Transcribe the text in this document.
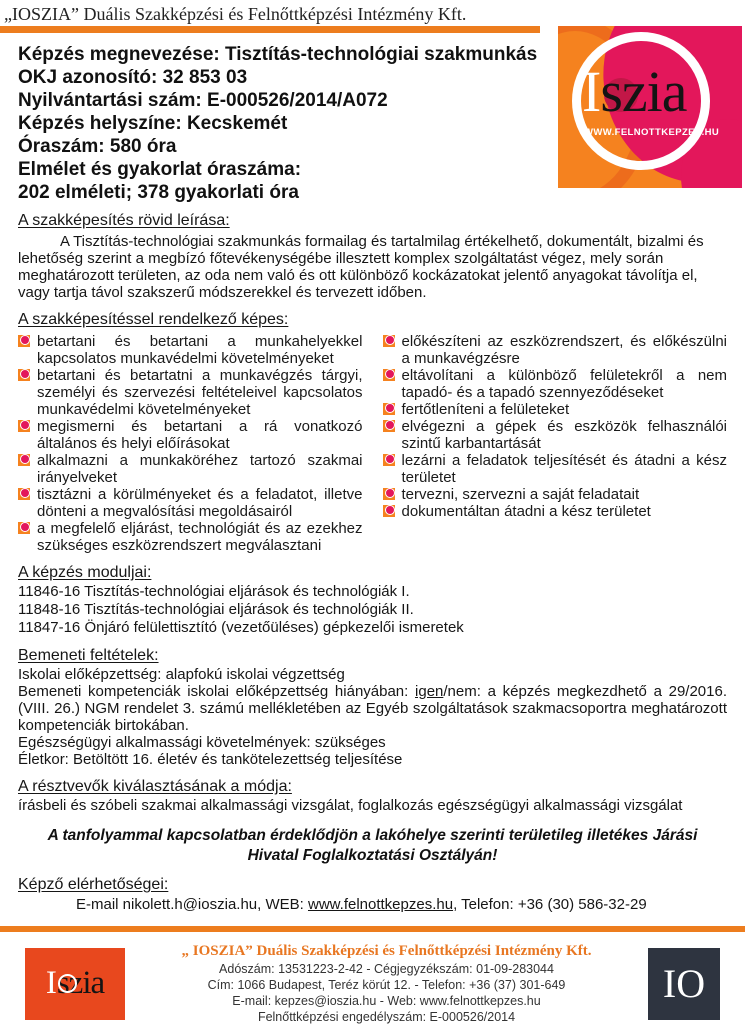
„IOSZIA” Duális Szakképzési és Felnőttképzési Intézmény Kft.
Iszia
WWW.FELNOTTKEPZES.HU
Képzés megnevezése: Tisztítás-technológiai szakmunkás
OKJ azonosító: 32 853 03
Nyilvántartási szám: E-000526/2014/A072
Képzés helyszíne: Kecskemét
Óraszám: 580 óra
Elmélet és gyakorlat óraszáma:
202 elméleti; 378 gyakorlati óra
A szakképesítés rövid leírása:

A Tisztítás-technológiai szakmunkás formailag és tartalmilag értékelhető, dokumentált, bizalmi és lehetőség szerint a megbízó főtevékenységébe illesztett komplex szolgáltatást végez, mely során meghatározott területen, az oda nem való és ott különböző kockázatokat jelentő anyagokat távolítja el, vagy tartja távol szakszerű módszerekkel és tervezett időben.

A szakképesítéssel rendelkező képes:
betartani és betartani a munkahelyekkel kapcsolatos munkavédelmi követelményeket
betartani és betartatni a munkavégzés tárgyi, személyi és szervezési feltételeivel kapcsolatos munkavédelmi követelményeket
megismerni és betartani a rá vonatkozó általános és helyi előírásokat
alkalmazni a munkaköréhez tartozó szakmai irányelveket
tisztázni a körülményeket és a feladatot, illetve dönteni a megvalósítási megoldásairól
a megfelelő eljárást, technológiát és az ezekhez szükséges eszközrendszert megválasztani
előkészíteni az eszközrendszert, és előkészülni a munkavégzésre
eltávolítani a különböző felületekről a nem tapadó- és a tapadó szennyeződéseket
fertőtleníteni a felületeket
elvégezni a gépek és eszközök felhasználói szintű karbantartását
lezárni a feladatok teljesítését és átadni a kész területet
tervezni, szervezni a saját feladatait
dokumentáltan átadni a kész területet
A képzés moduljai:

11846-16 Tisztítás-technológiai eljárások és technológiák I.

11848-16 Tisztítás-technológiai eljárások és technológiák II.

11847-16 Önjáró felülettisztító (vezetőüléses) gépkezelői ismeretek

Bemeneti feltételek:

Iskolai előképzettség: alapfokú iskolai végzettség

Bemeneti kompetenciák iskolai előképzettség hiányában: igen/nem: a képzés megkezdhető a 29/2016. (VIII. 26.) NGM rendelet 3. számú mellékletében az Egyéb szolgáltatások szakmacsoportra meghatározott kompetenciák birtokában.

Egészségügyi alkalmassági követelmények: szükséges

Életkor: Betöltött 16. életév és tankötelezettség teljesítése

A résztvevők kiválasztásának a módja:

írásbeli és szóbeli szakmai alkalmassági vizsgálat, foglalkozás egészségügyi alkalmassági vizsgálat

A tanfolyammal kapcsolatban érdeklődjön a lakóhelye szerinti területileg illetékes Járási Hivatal Foglalkoztatási Osztályán!

Képző elérhetőségei:

E-mail nikolett.h@ioszia.hu, WEB: www.felnottkepzes.hu, Telefon: +36 (30) 586-32-29

I szia

„ IOSZIA” Duális Szakképzési és Felnőttképzési Intézmény Kft.

Adószám: 13531223-2-42 - Cégjegyzékszám: 01-09-283044

Cím: 1066 Budapest, Teréz körút 12. - Telefon: +36 (37) 301-649

E-mail: kepzes@ioszia.hu - Web: www.felnottkepzes.hu

Felnőttképzési engedélyszám: E-000526/2014

IO
